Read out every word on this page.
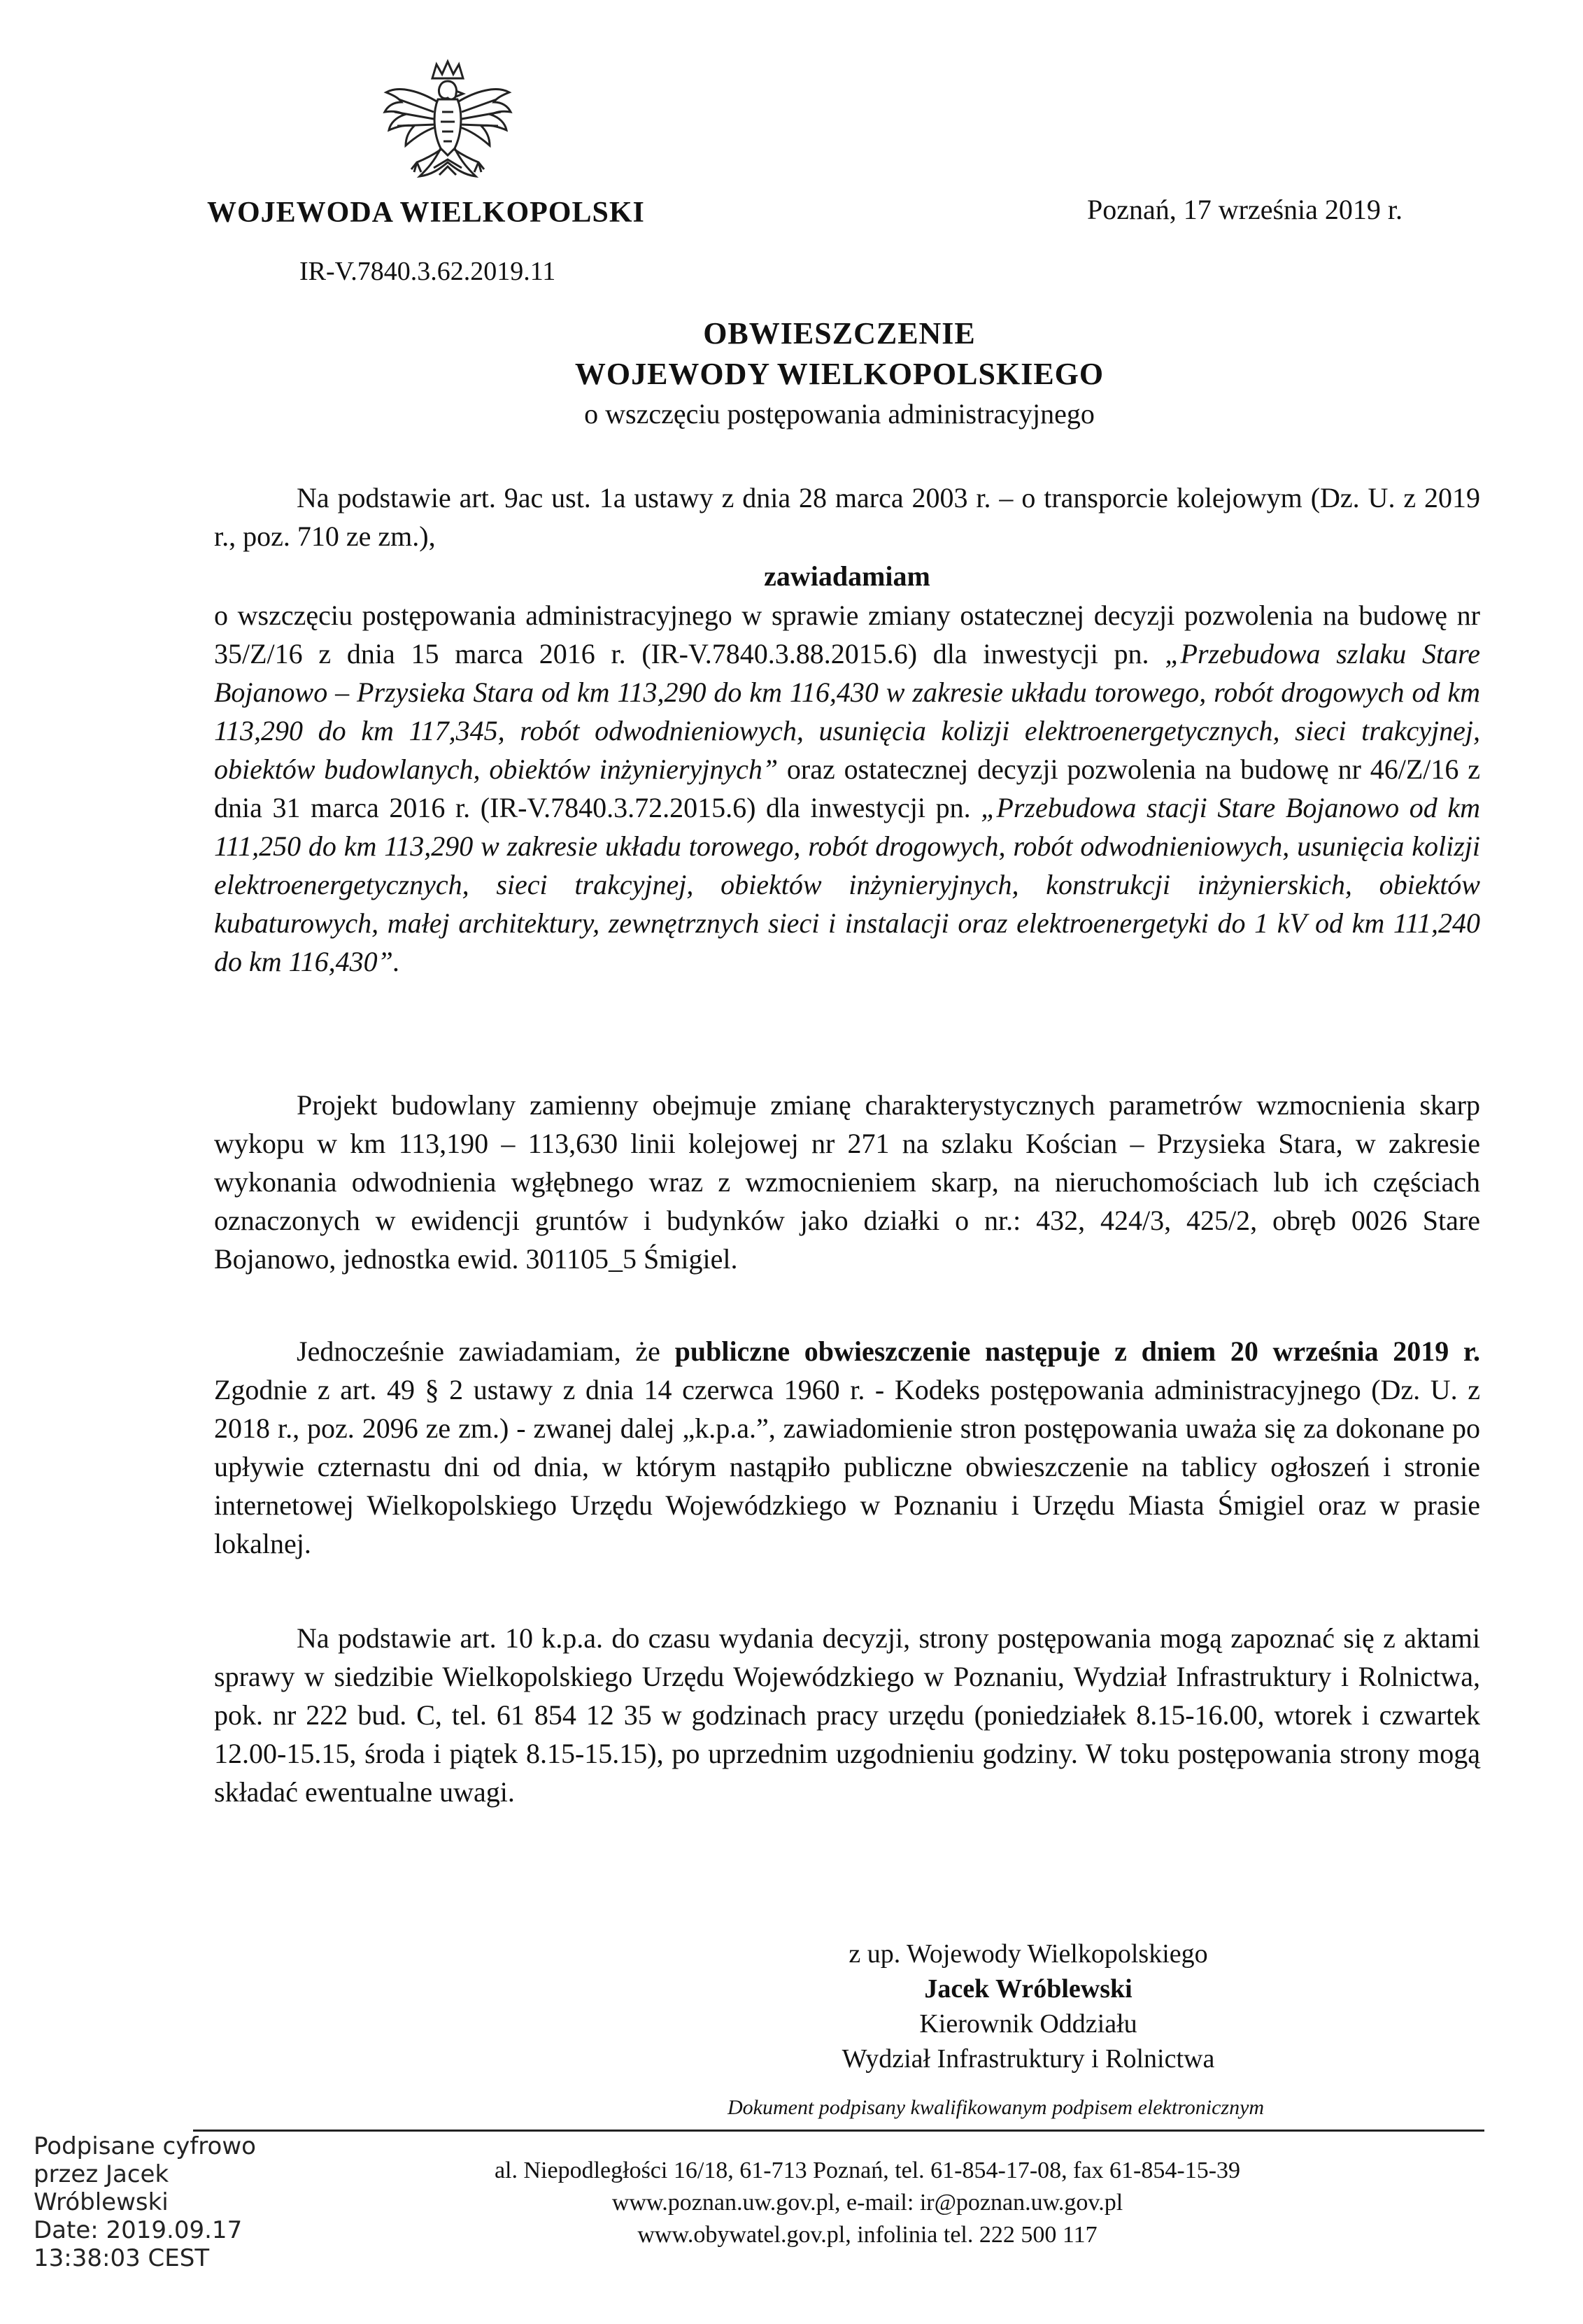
WOJEWODA WIELKOPOLSKI	Poznań, 17 września 2019 r.
IR-V.7840.3.62.2019.11
OBWIESZCZENIE
WOJEWODY WIELKOPOLSKIEGO
o wszczęciu postępowania administracyjnego
Na podstawie art. 9ac ust. 1a ustawy z dnia 28 marca 2003 r. – o transporcie kolejowym (Dz. U. z 2019 r., poz. 710 ze zm.),
zawiadamiam
o wszczęciu postępowania administracyjnego w sprawie zmiany ostatecznej decyzji pozwolenia na budowę nr 35/Z/16 z dnia 15 marca 2016 r. (IR-V.7840.3.88.2015.6) dla inwestycji pn. „Przebudowa szlaku Stare Bojanowo – Przysieka Stara od km 113,290 do km 116,430 w zakresie układu torowego, robót drogowych od km 113,290 do km 117,345, robót odwodnieniowych, usunięcia kolizji elektroenergetycznych, sieci trakcyjnej, obiektów budowlanych, obiektów inżynieryjnych” oraz ostatecznej decyzji pozwolenia na budowę nr 46/Z/16 z dnia 31 marca 2016 r. (IR-V.7840.3.72.2015.6) dla inwestycji pn. „Przebudowa stacji Stare Bojanowo od km 111,250 do km 113,290 w zakresie układu torowego, robót drogowych, robót odwodnieniowych, usunięcia kolizji elektroenergetycznych, sieci trakcyjnej, obiektów inżynieryjnych, konstrukcji inżynierskich, obiektów kubaturowych, małej architektury, zewnętrznych sieci i instalacji oraz elektroenergetyki do 1 kV od km 111,240 do km 116,430”.
Projekt budowlany zamienny obejmuje zmianę charakterystycznych parametrów wzmocnienia skarp wykopu w km 113,190 – 113,630 linii kolejowej nr 271 na szlaku Kościan – Przysieka Stara, w zakresie wykonania odwodnienia wgłębnego wraz z wzmocnieniem skarp, na nieruchomościach lub ich częściach oznaczonych w ewidencji gruntów i budynków jako działki o nr.: 432, 424/3, 425/2, obręb 0026 Stare Bojanowo, jednostka ewid. 301105_5 Śmigiel.
Jednocześnie zawiadamiam, że publiczne obwieszczenie następuje z dniem 20 września 2019 r. Zgodnie z art. 49 § 2 ustawy z dnia 14 czerwca 1960 r. - Kodeks postępowania administracyjnego (Dz. U. z 2018 r., poz. 2096 ze zm.) - zwanej dalej „k.p.a.”, zawiadomienie stron postępowania uważa się za dokonane po upływie czternastu dni od dnia, w którym nastąpiło publiczne obwieszczenie na tablicy ogłoszeń i stronie internetowej Wielkopolskiego Urzędu Wojewódzkiego w Poznaniu i Urzędu Miasta Śmigiel oraz w prasie lokalnej.
Na podstawie art. 10 k.p.a. do czasu wydania decyzji, strony postępowania mogą zapoznać się z aktami sprawy w siedzibie Wielkopolskiego Urzędu Wojewódzkiego w Poznaniu, Wydział Infrastruktury i Rolnictwa, pok. nr 222 bud. C, tel. 61 854 12 35 w godzinach pracy urzędu (poniedziałek 8.15-16.00, wtorek i czwartek 12.00-15.15, środa i piątek 8.15-15.15), po uprzednim uzgodnieniu godziny. W toku postępowania strony mogą składać ewentualne uwagi.
z up. Wojewody Wielkopolskiego
Jacek Wróblewski
Kierownik Oddziału
Wydział Infrastruktury i Rolnictwa
Dokument podpisany kwalifikowanym podpisem elektronicznym
al. Niepodległości 16/18, 61-713 Poznań, tel. 61-854-17-08, fax 61-854-15-39
www.poznan.uw.gov.pl, e-mail: ir@poznan.uw.gov.pl
www.obywatel.gov.pl, infolinia tel. 222 500 117
Podpisane cyfrowo
przez Jacek
Wróblewski
Date: 2019.09.17
13:38:03 CEST
